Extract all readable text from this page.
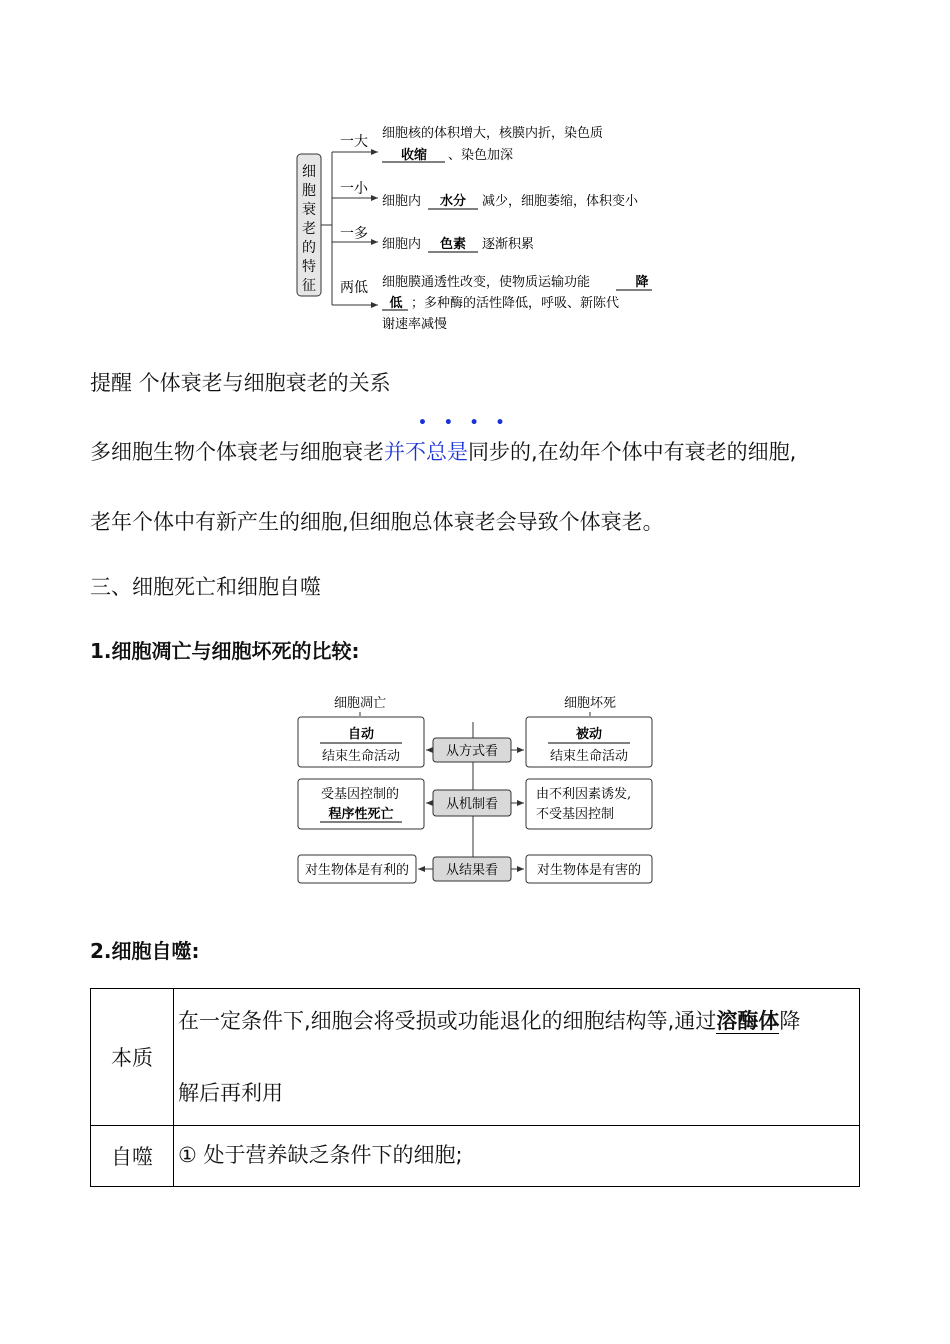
细
胞
衰
老
的
特
征
一大
一小
一多
两低
细胞核的体积增大，核膜内折，染色质
收缩 、染色加深
细胞内 水分 减少，细胞萎缩，体积变小
细胞内 色素 逐渐积累
细胞膜通透性改变，使物质运输功能	降
低 ；多种酶的活性降低，呼吸、新陈代
谢速率减慢
提醒 个体衰老与细胞衰老的关系
• • • •
多细胞生物个体衰老与细胞衰老并不总是同步的,在幼年个体中有衰老的细胞,
老年个体中有新产生的细胞,但细胞总体衰老会导致个体衰老。
三、细胞死亡和细胞自噬
1.细胞凋亡与细胞坏死的比较:
细胞凋亡	细胞坏死
自动
结束生命活动	从方式看
被动
结束生命活动
受基因控制的
程序性死亡
从机制看
由不利因素诱发,
不受基因控制
对生物体是有利的	从结果看	对生物体是有害的
2.细胞自噬:
本质	在一定条件下,细胞会将受损或功能退化的细胞结构等,通过溶酶体降
解后再利用

自噬	① 处于营养缺乏条件下的细胞;
